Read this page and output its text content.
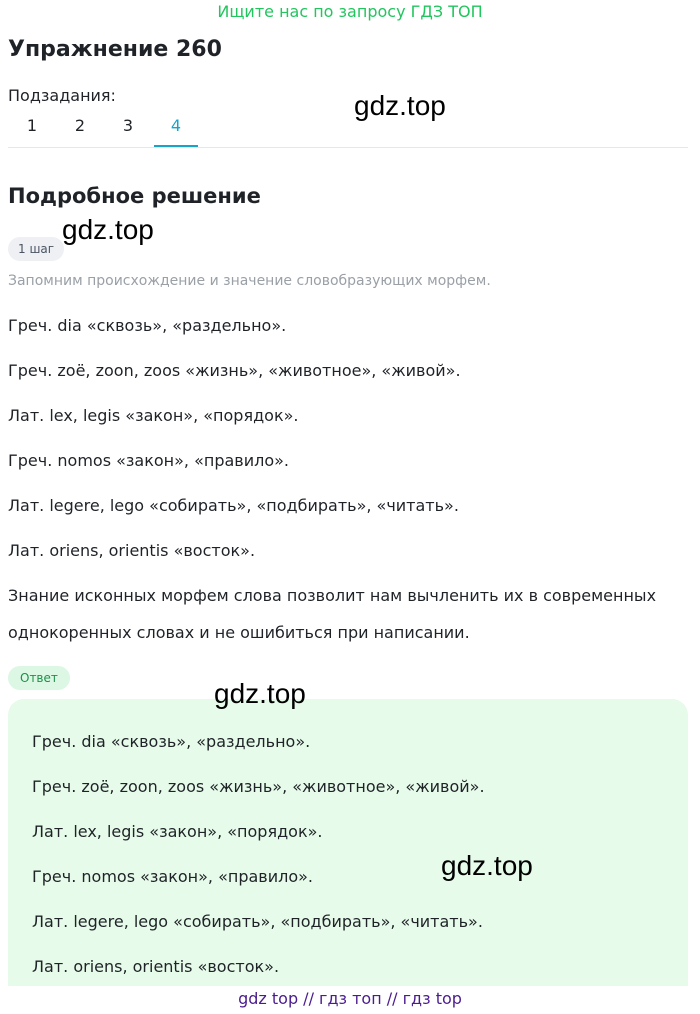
Ищите нас по запросу ГДЗ ТОП
Упражнение 260
Подзадания:
1	2	3	4
Подробное решение
1 шаг
Запомним происхождение и значение словобразующих морфем.

Греч. dia «сквозь», «раздельно».

Греч. zoë, zoon, zoos «жизнь», «животное», «живой».

Лат. lex, legis «закон», «порядок».

Греч. nomos «закон», «правило».

Лат. legere, lego «собирать», «подбирать», «читать».

Лат. oriens, orientis «восток».

Знание исконных морфем слова позволит нам вычленить их в современных

однокоренных словах и не ошибиться при написании.

Ответ

Греч. dia «сквозь», «раздельно».

Греч. zoë, zoon, zoos «жизнь», «животное», «живой».

Лат. lex, legis «закон», «порядок».

Греч. nomos «закон», «правило».

Лат. legere, lego «собирать», «подбирать», «читать».

Лат. oriens, orientis «восток».

gdz.top
gdz.top
gdz.top
gdz.top
gdz top // гдз топ // гдз top
